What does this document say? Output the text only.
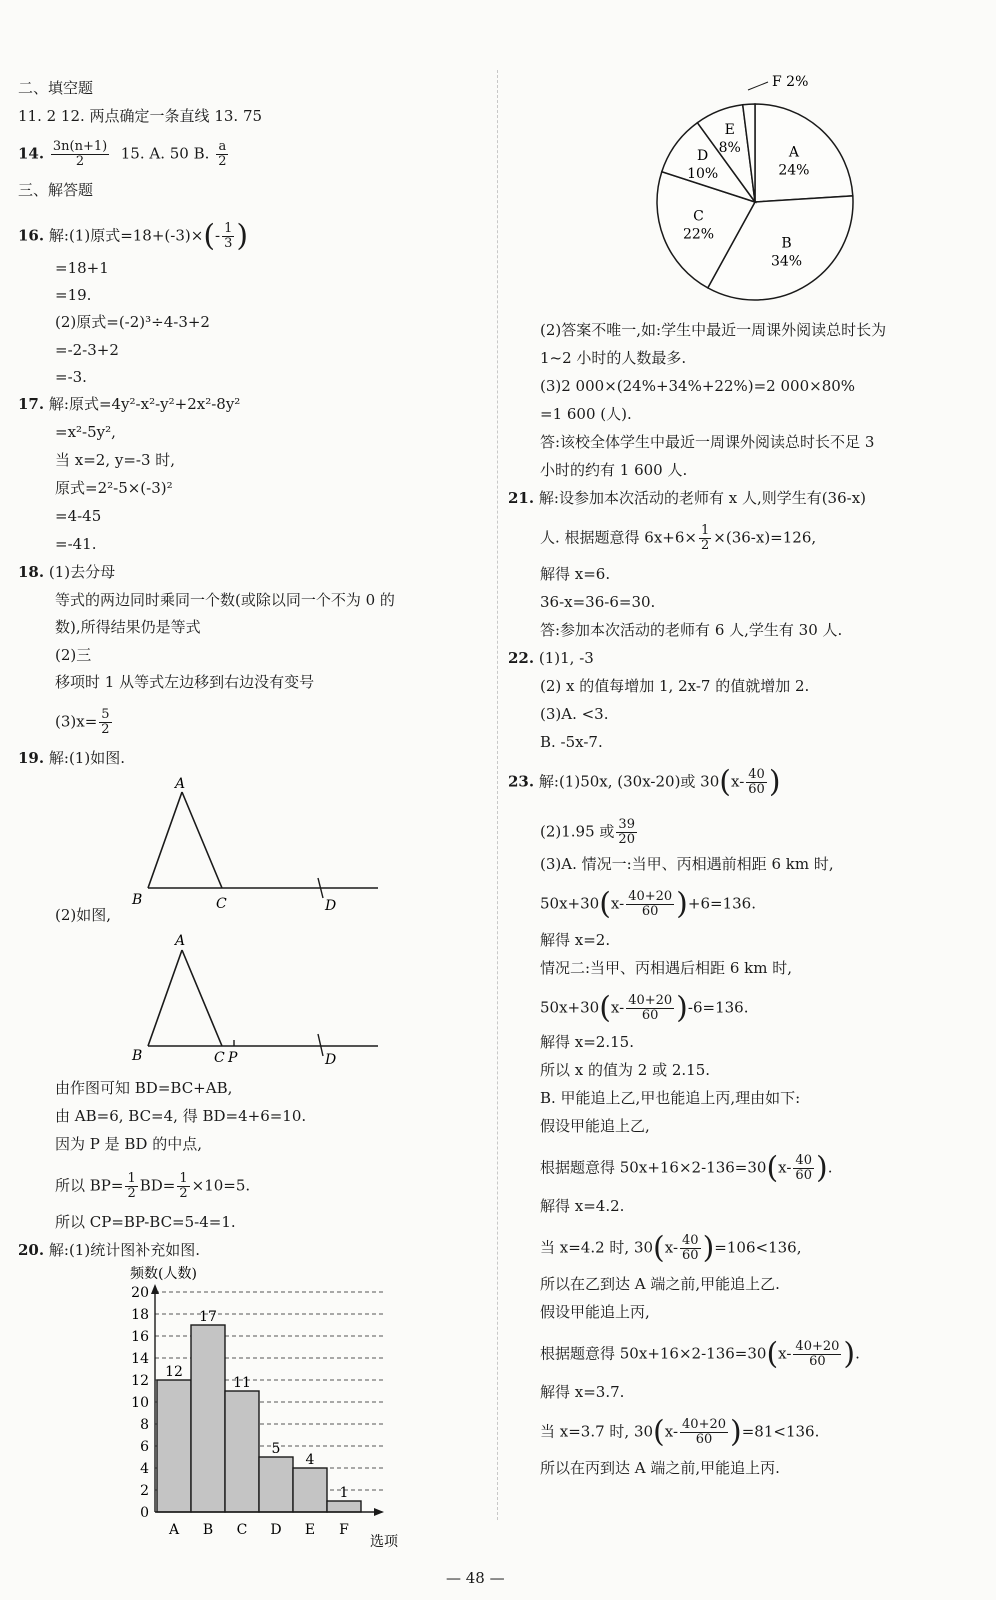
二、填空题
11. 2 12. 两点确定一条直线 13. 75
14. $\frac{3n(n+1)}{2} 15$. A. 50 B. $\frac{a}{2}$
三、解答题
16. 解:(1)原式$=18+(-3)\times(- \frac{1}{3}$ )
=18+1
=19.
(2)原式=(-2)³÷4-3+2
=-2-3+2
=-3.
17. 解:原式=4y²-x²-y²+2x²-8y²
=x²-5y²,
当 x=2, y=-3 时,
原式=2²-5×(-3)²
=4-45
=-41.
18. (1)去分母
等式的两边同时乘同一个数(或除以同一个不为 0 的
数),所得结果仍是等式
(2)三
移项时 1 从等式左边移到右边没有变号
$(3)x= \frac{5}{2}$
19. 解:(1)如图.
A
B	C	D
(2)如图,
A
B	C P	D
由作图可知 BD=BC+AB,
由 AB=6, BC=4, 得 BD=4+6=10.
因为 P 是 BD 的中点,
所以 $BP= \frac{1}{2} BD= \frac{1}{2} \times 10=5$.
所以 CP=BP-BC=5-4=1.
20. 解:(1)统计图补充如图.
频数(人数)
选项
0
2
4
6
8
10
12
14
16
18
20
A B C D E F
12
17
11
5
4
1
A
24%
B
34%
C
22%
D
10%
E
8%
F 2%
(2)答案不唯一,如:学生中最近一周课外阅读总时长为
1~2 小时的人数最多.
(3)2 000×(24%+34%+22%)=2 000×80%
=1 600 (人).
答:该校全体学生中最近一周课外阅读总时长不足 3
小时的约有 1 600 人.
21. 解:设参加本次活动的老师有 x 人,则学生有(36-x)
人. 根据题意得 $6x+6\times \frac{1}{2} \times(36-x)=126$,
解得 x=6.
36-x=36-6=30.
答:参加本次活动的老师有 6 人,学生有 30 人.
22. (1)1, -3
(2) x 的值每增加 1, 2x-7 的值就增加 2.
(3)A. <3.
B. -5x-7.
23. 解:(1)50x, (30x-20)或 $30(x- \frac{40}{60}$ )
(2)1.95 或 $\frac{39}{20}$
(3)A. 情况一:当甲、丙相遇前相距 6 km 时,
$50x+30(x- \frac{40+20}{60} )+6=136$.
解得 x=2.
情况二:当甲、丙相遇后相距 6 km 时,
$50x+30(x- \frac{40+20}{60} )-6=136$.
解得 x=2.15.
所以 x 的值为 2 或 2.15.
B. 甲能追上乙,甲也能追上丙,理由如下:
假设甲能追上乙,
根据题意得 $50x+16\times 2-136=30(x- \frac{40}{60}$ ).
解得 x=4.2.
当 x=4.2 时, $30(x- \frac{40}{60} )=106<136$,
所以在乙到达 A 端之前,甲能追上乙.
假设甲能追上丙,
根据题意得 $50x+16\times 2-136=30(x- \frac{40+20}{60}$ ).
解得 x=3.7.
当 x=3.7 时, $30(x- \frac{40+20}{60} )=81<136$.
所以在丙到达 A 端之前,甲能追上丙.
— 48 —
